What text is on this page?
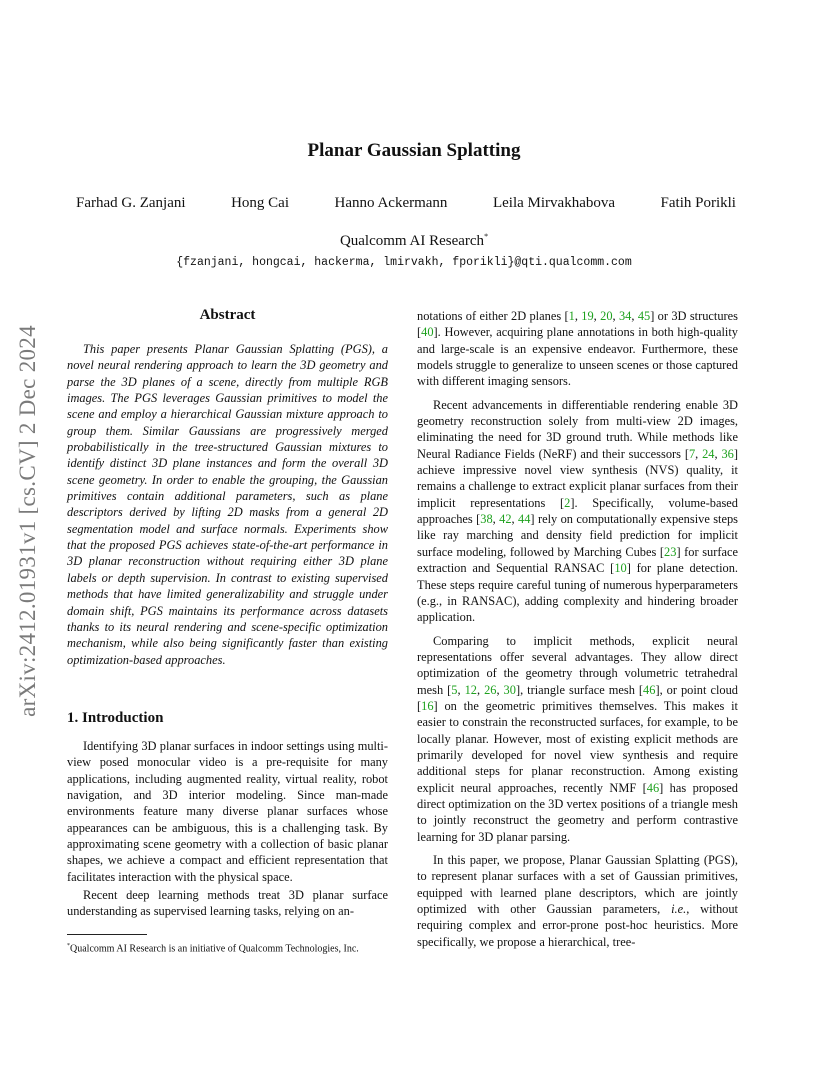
arXiv:2412.01931v1 [cs.CV] 2 Dec 2024
Planar Gaussian Splatting
Farhad G. Zanjani	Hong Cai	Hanno Ackermann	Leila Mirvakhabova	Fatih Porikli
Qualcomm AI Research*
{fzanjani, hongcai, hackerma, lmirvakh, fporikli}@qti.qualcomm.com
Abstract

This paper presents Planar Gaussian Splatting (PGS), a novel neural rendering approach to learn the 3D geometry and parse the 3D planes of a scene, directly from multiple RGB images. The PGS leverages Gaussian primitives to model the scene and employ a hierarchical Gaussian mixture approach to group them. Similar Gaussians are progressively merged probabilistically in the tree-structured Gaussian mixtures to identify distinct 3D plane instances and form the overall 3D scene geometry. In order to enable the grouping, the Gaussian primitives contain additional parameters, such as plane descriptors derived by lifting 2D masks from a general 2D segmentation model and surface normals. Experiments show that the proposed PGS achieves state-of-the-art performance in 3D planar reconstruction without requiring either 3D plane labels or depth supervision. In contrast to existing supervised methods that have limited generalizability and struggle under domain shift, PGS maintains its performance across datasets thanks to its neural rendering and scene-specific optimization mechanism, while also being significantly faster than existing optimization-based approaches.

1. Introduction

Identifying 3D planar surfaces in indoor settings using multi-view posed monocular video is a pre-requisite for many applications, including augmented reality, virtual reality, robot navigation, and 3D interior modeling. Since man-made environments feature many diverse planar surfaces whose appearances can be ambiguous, this is a challenging task. By approximating scene geometry with a collection of basic planar shapes, we achieve a compact and efficient representation that facilitates interaction with the physical space.

Recent deep learning methods treat 3D planar surface understanding as supervised learning tasks, relying on an-

*Qualcomm AI Research is an initiative of Qualcomm Technologies, Inc.

notations of either 2D planes [1, 19, 20, 34, 45] or 3D structures [40]. However, acquiring plane annotations in both high-quality and large-scale is an expensive endeavor. Furthermore, these models struggle to generalize to unseen scenes or those captured with different imaging sensors.

Recent advancements in differentiable rendering enable 3D geometry reconstruction solely from multi-view 2D images, eliminating the need for 3D ground truth. While methods like Neural Radiance Fields (NeRF) and their successors [7, 24, 36] achieve impressive novel view synthesis (NVS) quality, it remains a challenge to extract explicit planar surfaces from their implicit representations [2]. Specifically, volume-based approaches [38, 42, 44] rely on computationally expensive steps like ray marching and density field prediction for implicit surface modeling, followed by Marching Cubes [23] for surface extraction and Sequential RANSAC [10] for plane detection. These steps require careful tuning of numerous hyperparameters (e.g., in RANSAC), adding complexity and hindering broader application.

Comparing to implicit methods, explicit neural representations offer several advantages. They allow direct optimization of the geometry through volumetric tetrahedral mesh [5, 12, 26, 30], triangle surface mesh [46], or point cloud [16] on the geometric primitives themselves. This makes it easier to constrain the reconstructed surfaces, for example, to be locally planar. However, most of existing explicit methods are primarily developed for novel view synthesis and require additional steps for planar reconstruction. Among existing explicit neural approaches, recently NMF [46] has proposed direct optimization on the 3D vertex positions of a triangle mesh to jointly reconstruct the geometry and perform contrastive learning for 3D planar parsing.

In this paper, we propose, Planar Gaussian Splatting (PGS), to represent planar surfaces with a set of Gaussian primitives, equipped with learned plane descriptors, which are jointly optimized with other Gaussian parameters, i.e., without requiring complex and error-prone post-hoc heuristics. More specifically, we propose a hierarchical, tree-
